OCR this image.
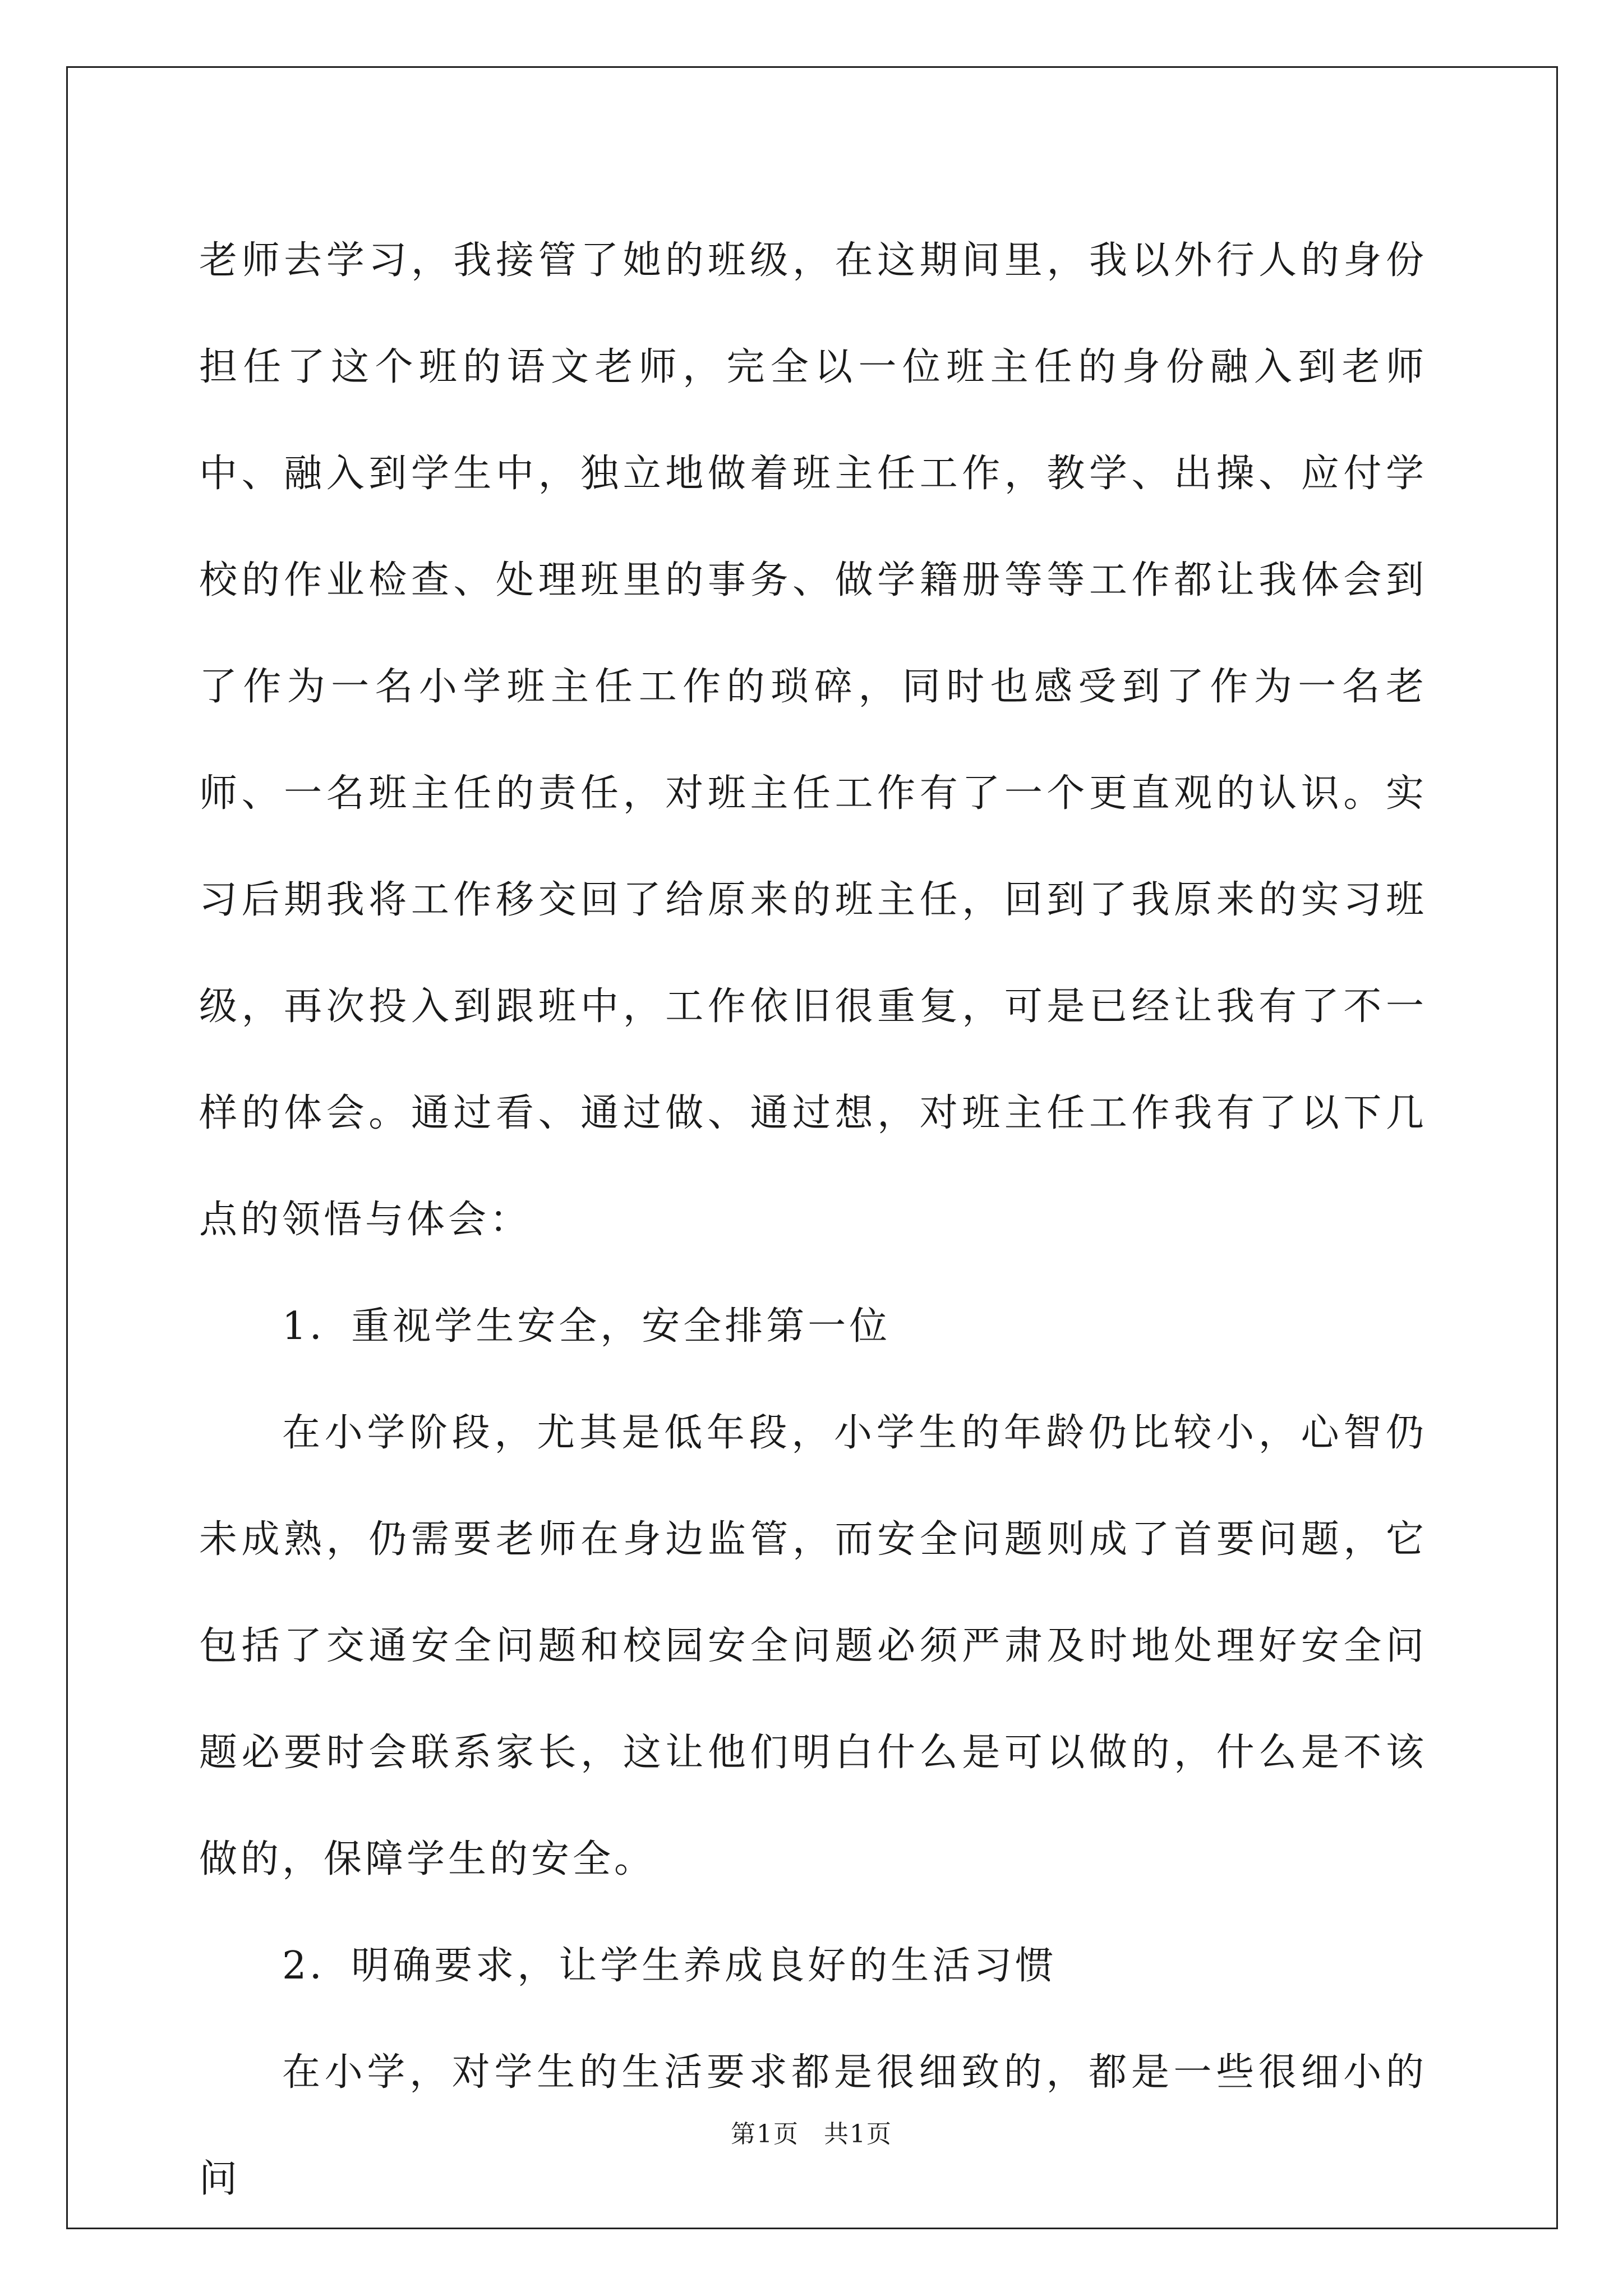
老师去学习，我接管了她的班级，在这期间里，我以外行人的身份担任了这个班的语文老师，完全以一位班主任的身份融入到老师中、融入到学生中，独立地做着班主任工作，教学、出操、应付学校的作业检查、处理班里的事务、做学籍册等等工作都让我体会到了作为一名小学班主任工作的琐碎，同时也感受到了作为一名老师、一名班主任的责任，对班主任工作有了一个更直观的认识。实习后期我将工作移交回了给原来的班主任，回到了我原来的实习班级，再次投入到跟班中，工作依旧很重复，可是已经让我有了不一样的体会。通过看、通过做、通过想，对班主任工作我有了以下几点的领悟与体会：

1．重视学生安全，安全排第一位

在小学阶段，尤其是低年段，小学生的年龄仍比较小，心智仍未成熟，仍需要老师在身边监管，而安全问题则成了首要问题，它包括了交通安全问题和校园安全问题必须严肃及时地处理好安全问题必要时会联系家长，这让他们明白什么是可以做的，什么是不该做的，保障学生的安全。

2．明确要求，让学生养成良好的生活习惯

在小学，对学生的生活要求都是很细致的，都是一些很细小的问

第1页 共1页
